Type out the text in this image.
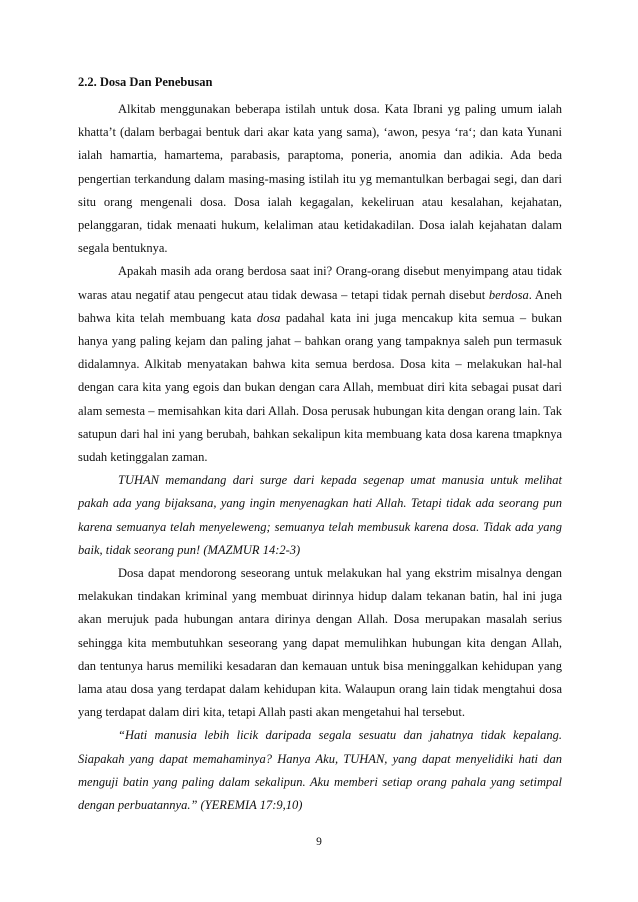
2.2. Dosa Dan Penebusan

Alkitab menggunakan beberapa istilah untuk dosa. Kata Ibrani yg paling umum ialah khatta’t (dalam berbagai bentuk dari akar kata yang sama), ‘awon, pesya ‘ra‘; dan kata Yunani ialah hamartia, hamartema, parabasis, paraptoma, poneria, anomia dan adikia. Ada beda pengertian terkandung dalam masing-masing istilah itu yg memantulkan berbagai segi, dan dari situ orang mengenali dosa. Dosa ialah kegagalan, kekeliruan atau kesalahan, kejahatan, pelanggaran, tidak menaati hukum, kelaliman atau ketidakadilan. Dosa ialah kejahatan dalam segala bentuknya.

Apakah masih ada orang berdosa saat ini? Orang-orang disebut menyimpang atau tidak waras atau negatif atau pengecut atau tidak dewasa – tetapi tidak pernah disebut berdosa. Aneh bahwa kita telah membuang kata dosa padahal kata ini juga mencakup kita semua – bukan hanya yang paling kejam dan paling jahat – bahkan orang yang tampaknya saleh pun termasuk didalamnya. Alkitab menyatakan bahwa kita semua berdosa. Dosa kita – melakukan hal-hal dengan cara kita yang egois dan bukan dengan cara Allah, membuat diri kita sebagai pusat dari alam semesta – memisahkan kita dari Allah. Dosa perusak hubungan kita dengan orang lain. Tak satupun dari hal ini yang berubah, bahkan sekalipun kita membuang kata dosa karena tmapknya sudah ketinggalan zaman.

TUHAN memandang dari surge dari kepada segenap umat manusia untuk melihat pakah ada yang bijaksana, yang ingin menyenagkan hati Allah. Tetapi tidak ada seorang pun karena semuanya telah menyeleweng; semuanya telah membusuk karena dosa. Tidak ada yang baik, tidak seorang pun! (MAZMUR 14:2-3)

Dosa dapat mendorong seseorang untuk melakukan hal yang ekstrim misalnya dengan melakukan tindakan kriminal yang membuat dirinnya hidup dalam tekanan batin, hal ini juga akan merujuk pada hubungan antara dirinya dengan Allah. Dosa merupakan masalah serius sehingga kita membutuhkan seseorang yang dapat memulihkan hubungan kita dengan Allah, dan tentunya harus memiliki kesadaran dan kemauan untuk bisa meninggalkan kehidupan yang lama atau dosa yang terdapat dalam kehidupan kita. Walaupun orang lain tidak mengtahui dosa yang terdapat dalam diri kita, tetapi Allah pasti akan mengetahui hal tersebut.

“Hati manusia lebih licik daripada segala sesuatu dan jahatnya tidak kepalang. Siapakah yang dapat memahaminya? Hanya Aku, TUHAN, yang dapat menyelidiki hati dan menguji batin yang paling dalam sekalipun. Aku memberi setiap orang pahala yang setimpal dengan perbuatannya.” (YEREMIA 17:9,10)

9
